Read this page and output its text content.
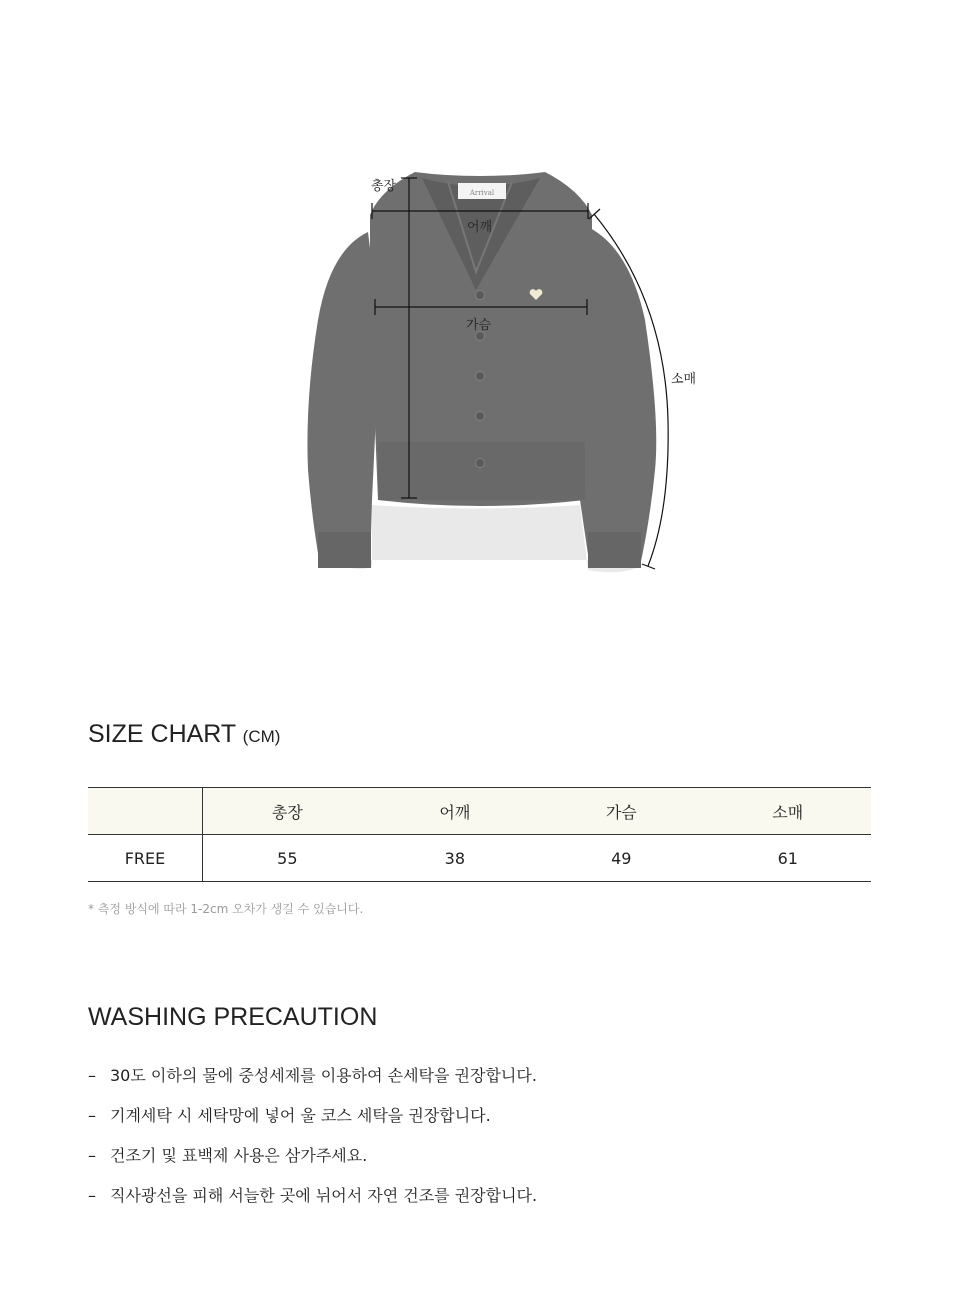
Arrival
총장
어깨
가슴
소매
SIZE CHART (CM)
	총장	어깨	가슴	소매
FREE	55	38	49	61
* 측정 방식에 따라 1-2cm 오차가 생길 수 있습니다.
WASHING PRECAUTION
– 30도 이하의 물에 중성세제를 이용하여 손세탁을 권장합니다.
– 기계세탁 시 세탁망에 넣어 울 코스 세탁을 권장합니다.
– 건조기 및 표백제 사용은 삼가주세요.
– 직사광선을 피해 서늘한 곳에 뉘어서 자연 건조를 권장합니다.
